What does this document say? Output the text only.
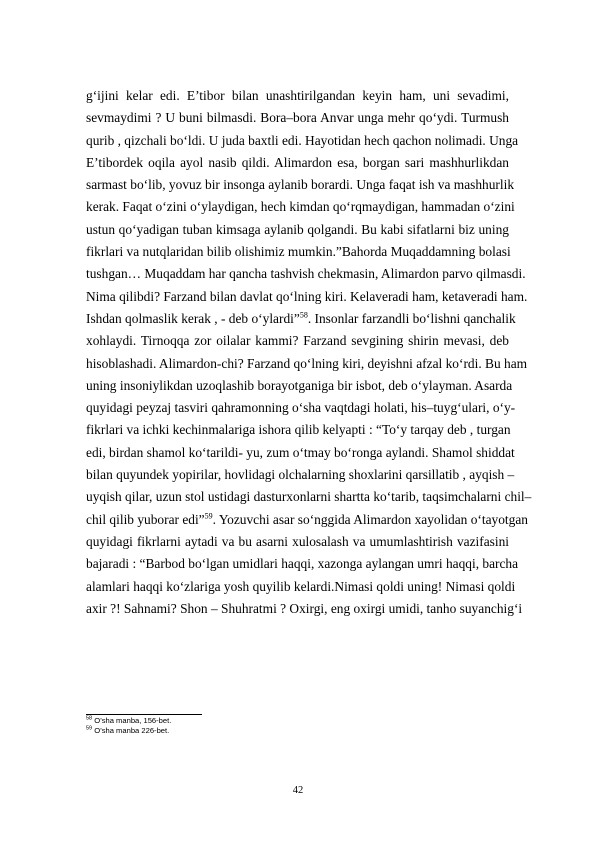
g‘ijini kelar edi. E’tibor bilan unashtirilgandan keyin ham, uni sevadimi,
sevmaydimi ? U buni bilmasdi. Bora–bora Anvar unga mehr qo‘ydi. Turmush
qurib , qizchali bo‘ldi. U juda baxtli edi. Hayotidan hech qachon nolimadi. Unga
E’tibordek oqila ayol nasib qildi. Alimardon esa, borgan sari mashhurlikdan
sarmast bo‘lib, yovuz bir insonga aylanib borardi. Unga faqat ish va mashhurlik
kerak. Faqat o‘zini o‘ylaydigan, hech kimdan qo‘rqmaydigan, hammadan o‘zini
ustun qo‘yadigan tuban kimsaga aylanib qolgandi. Bu kabi sifatlarni biz uning
fikrlari va nutqlaridan bilib olishimiz mumkin.”Bahorda Muqaddamning bolasi
tushgan… Muqaddam har qancha tashvish chekmasin, Alimardon parvo qilmasdi.
Nima qilibdi? Farzand bilan davlat qo‘lning kiri. Kelaveradi ham, ketaveradi ham.
Ishdan qolmaslik kerak , - deb o‘ylardi”$^{58}$. Insonlar farzandli bo‘lishni qanchalik
xohlaydi. Tirnoqqa zor oilalar kammi? Farzand sevgining shirin mevasi, deb
hisoblashadi. Alimardon-chi? Farzand qo‘lning kiri, deyishni afzal ko‘rdi. Bu ham
uning insoniylikdan uzoqlashib borayotganiga bir isbot, deb o‘ylayman. Asarda
quyidagi peyzaj tasviri qahramonning o‘sha vaqtdagi holati, his–tuyg‘ulari, o‘y-
fikrlari va ichki kechinmalariga ishora qilib kelyapti : “To‘y tarqay deb , turgan
edi, birdan shamol ko‘tarildi- yu, zum o‘tmay bo‘ronga aylandi. Shamol shiddat
bilan quyundek yopirilar, hovlidagi olchalarning shoxlarini qarsillatib , ayqish –
uyqish qilar, uzun stol ustidagi dasturxonlarni shartta ko‘tarib, taqsimchalarni chil–
chil qilib yuborar edi”$^{59}$. Yozuvchi asar so‘nggida Alimardon xayolidan o‘tayotgan
quyidagi fikrlarni aytadi va bu asarni xulosalash va umumlashtirish vazifasini
bajaradi : “Barbod bo‘lgan umidlari haqqi, xazonga aylangan umri haqqi, barcha
alamlari haqqi ko‘zlariga yosh quyilib kelardi.Nimasi qoldi uning! Nimasi qoldi
axir ?! Sahnami? Shon – Shuhratmi ? Oxirgi, eng oxirgi umidi, tanho suyanchig‘i
$^{58}$ O’sha manba, 156-bet.
$^{59}$ O’sha manba 226-bet.
42
